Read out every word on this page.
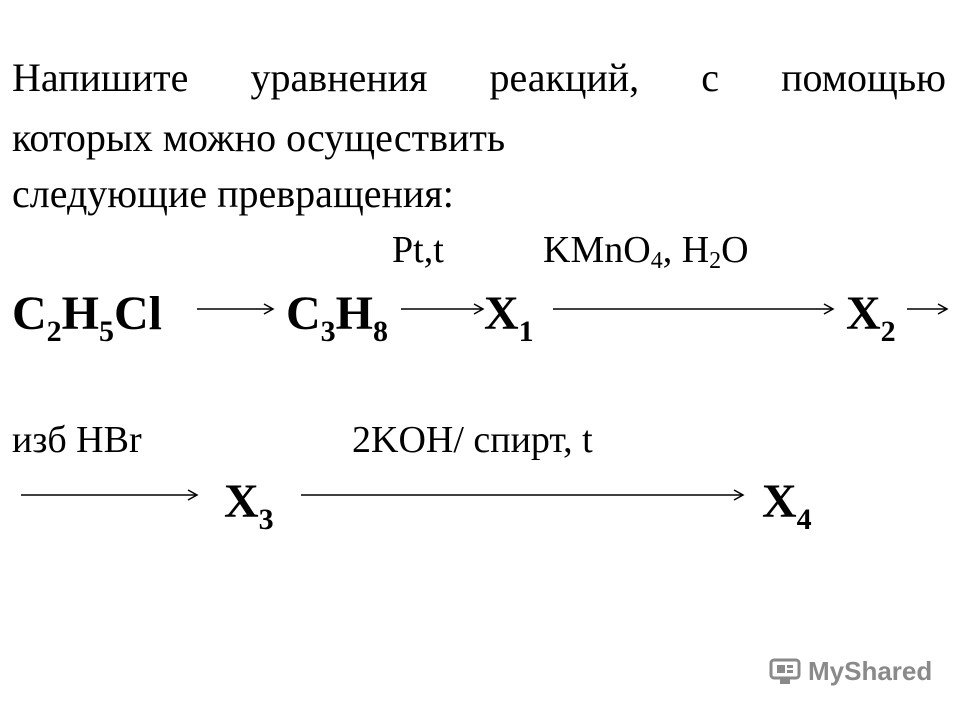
Напишите уравнения реакций, с помощью
которых можно осуществить
следующие превращения:
Pt,t	KMnO$_4$, $H_2O$
$C_2H_5Cl$	$C_3H_8$ $X_1$	$X_2$
изб HBr	2KOH/ спирт, t
$X_3$	$X_4$
MyShared
